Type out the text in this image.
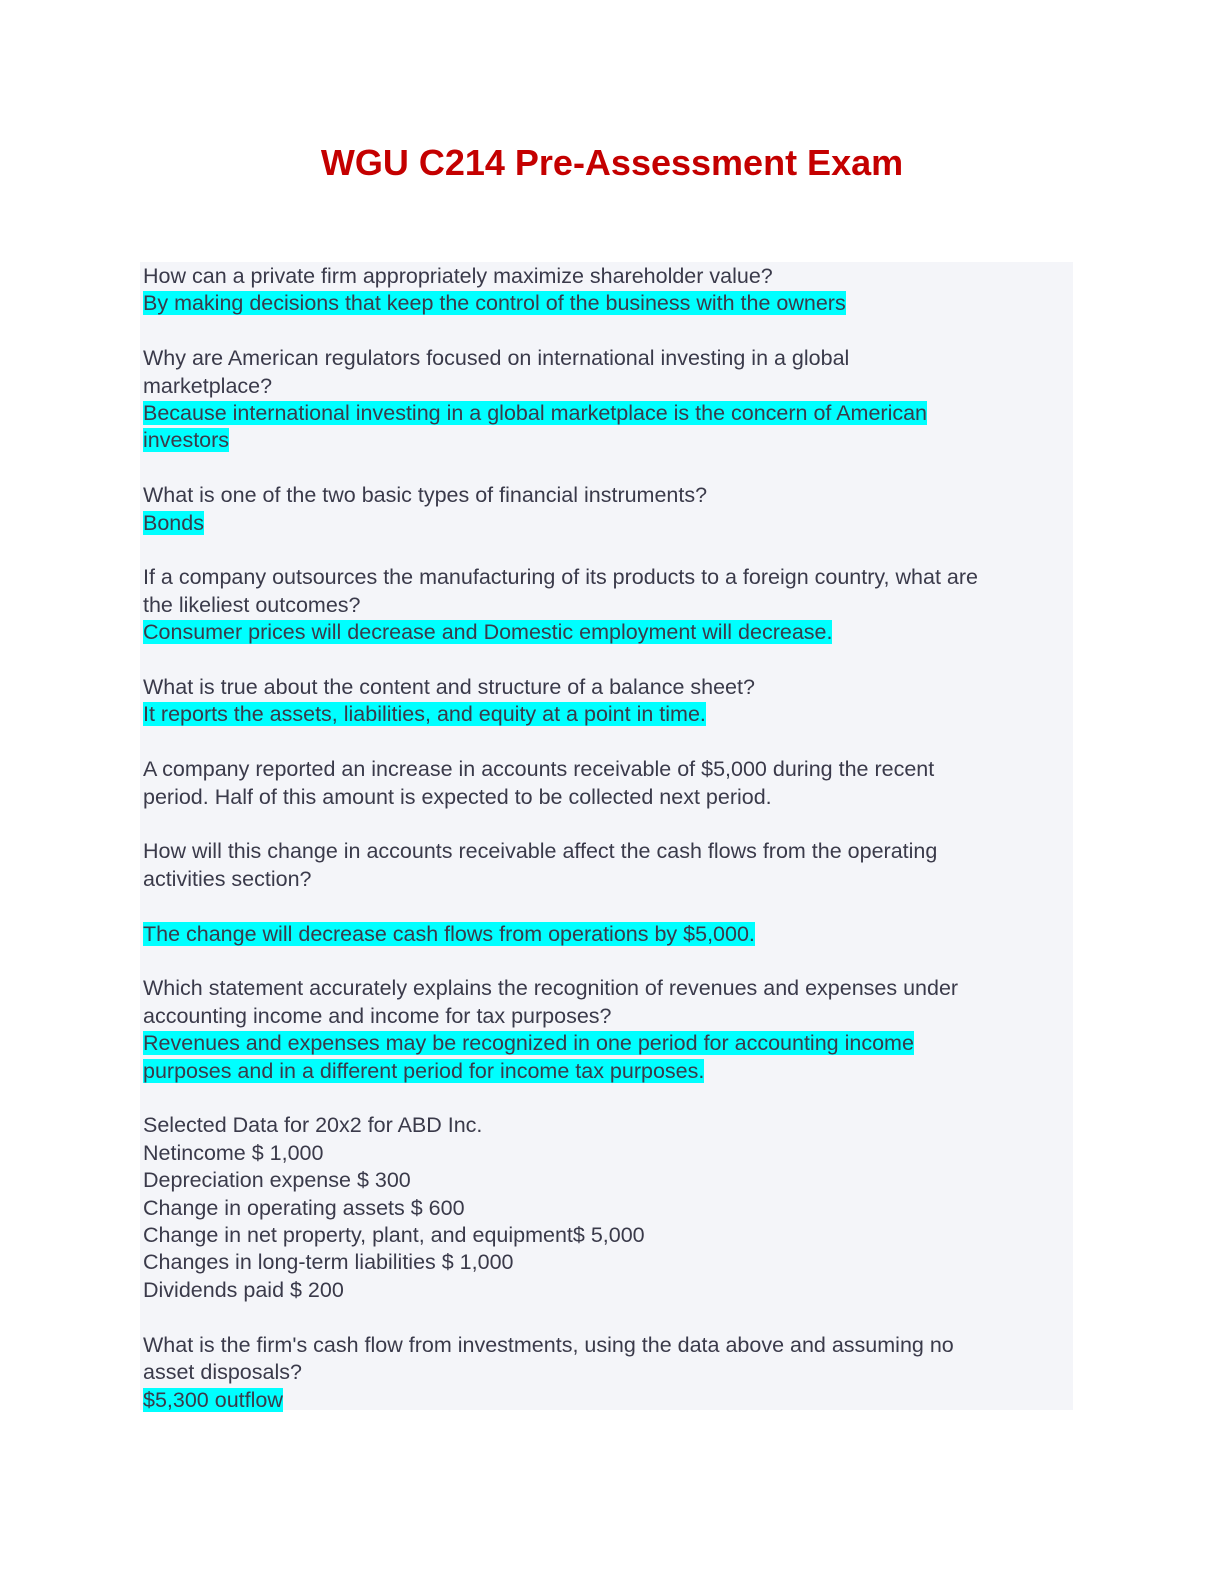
WGU C214 Pre-Assessment Exam
How can a private firm appropriately maximize shareholder value?
By making decisions that keep the control of the business with the owners
Why are American regulators focused on international investing in a global
marketplace?
Because international investing in a global marketplace is the concern of American
investors
What is one of the two basic types of financial instruments?
Bonds
If a company outsources the manufacturing of its products to a foreign country, what are
the likeliest outcomes?
Consumer prices will decrease and Domestic employment will decrease.
What is true about the content and structure of a balance sheet?
It reports the assets, liabilities, and equity at a point in time.
A company reported an increase in accounts receivable of $5,000 during the recent
period. Half of this amount is expected to be collected next period.
How will this change in accounts receivable affect the cash flows from the operating
activities section?
The change will decrease cash flows from operations by $5,000.
Which statement accurately explains the recognition of revenues and expenses under
accounting income and income for tax purposes?
Revenues and expenses may be recognized in one period for accounting income
purposes and in a different period for income tax purposes.
Selected Data for 20x2 for ABD Inc.
Netincome $ 1,000
Depreciation expense $ 300
Change in operating assets $ 600
Change in net property, plant, and equipment$ 5,000
Changes in long-term liabilities $ 1,000
Dividends paid $ 200
What is the firm's cash flow from investments, using the data above and assuming no
asset disposals?
$5,300 outflow
